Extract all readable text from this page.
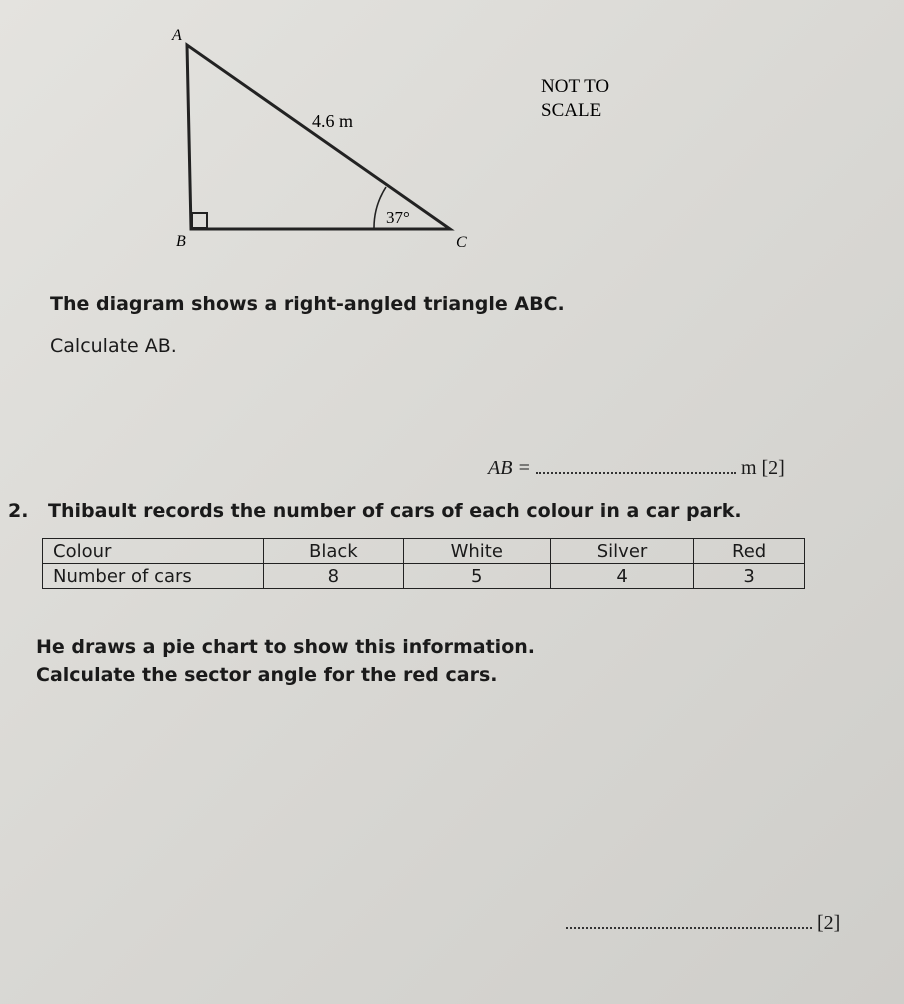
A
B	C
4.6 m
37°
NOT TO
SCALE
The diagram shows a right-angled triangle ABC.
Calculate AB.
AB =	m [2]
2. Thibault records the number of cars of each colour in a car park.
Colour	Black	White	Silver	Red
Number of cars	8	5	4	3
He draws a pie chart to show this information.
Calculate the sector angle for the red cars.
[2]
